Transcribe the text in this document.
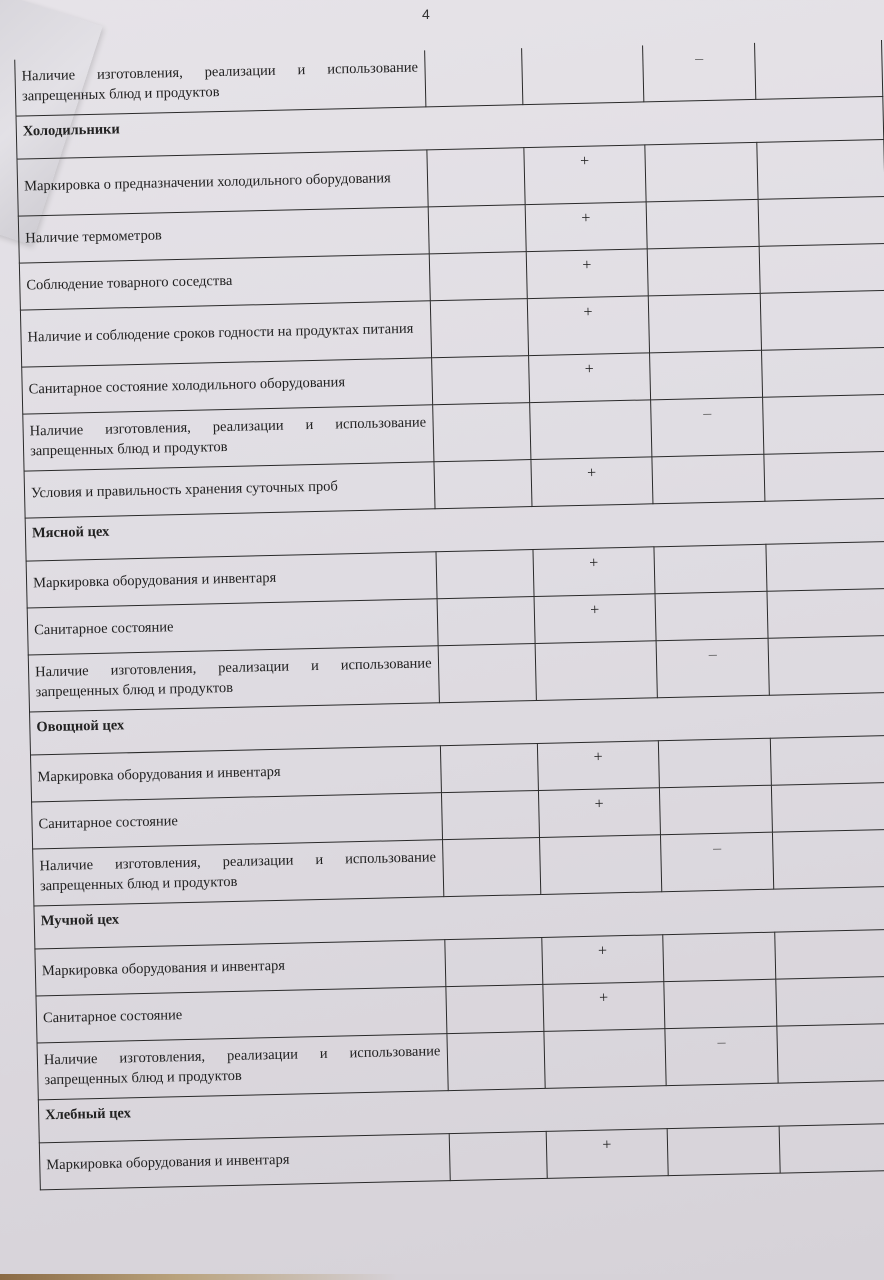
4
Наличие изготовления, реализации и использование запрещенных блюд и продуктов			–	
Холодильники				
Маркировка о предназначении холодильного оборудования		+		
Наличие термометров		+		
Соблюдение товарного соседства		+		
Наличие и соблюдение сроков годности на продуктах питания		+		
Санитарное состояние холодильного оборудования		+		
Наличие изготовления, реализации и использование запрещенных блюд и продуктов			–	
Условия и правильность хранения суточных проб		+		
Мясной цех				
Маркировка оборудования и инвентаря		+		
Санитарное состояние		+		
Наличие изготовления, реализации и использование запрещенных блюд и продуктов			–	
Овощной цех				
Маркировка оборудования и инвентаря		+		
Санитарное состояние		+		
Наличие изготовления, реализации и использование запрещенных блюд и продуктов			–	
Мучной цех				
Маркировка оборудования и инвентаря		+		
Санитарное состояние		+		
Наличие изготовления, реализации и использование запрещенных блюд и продуктов			–	
Хлебный цех				
Маркировка оборудования и инвентаря		+		
